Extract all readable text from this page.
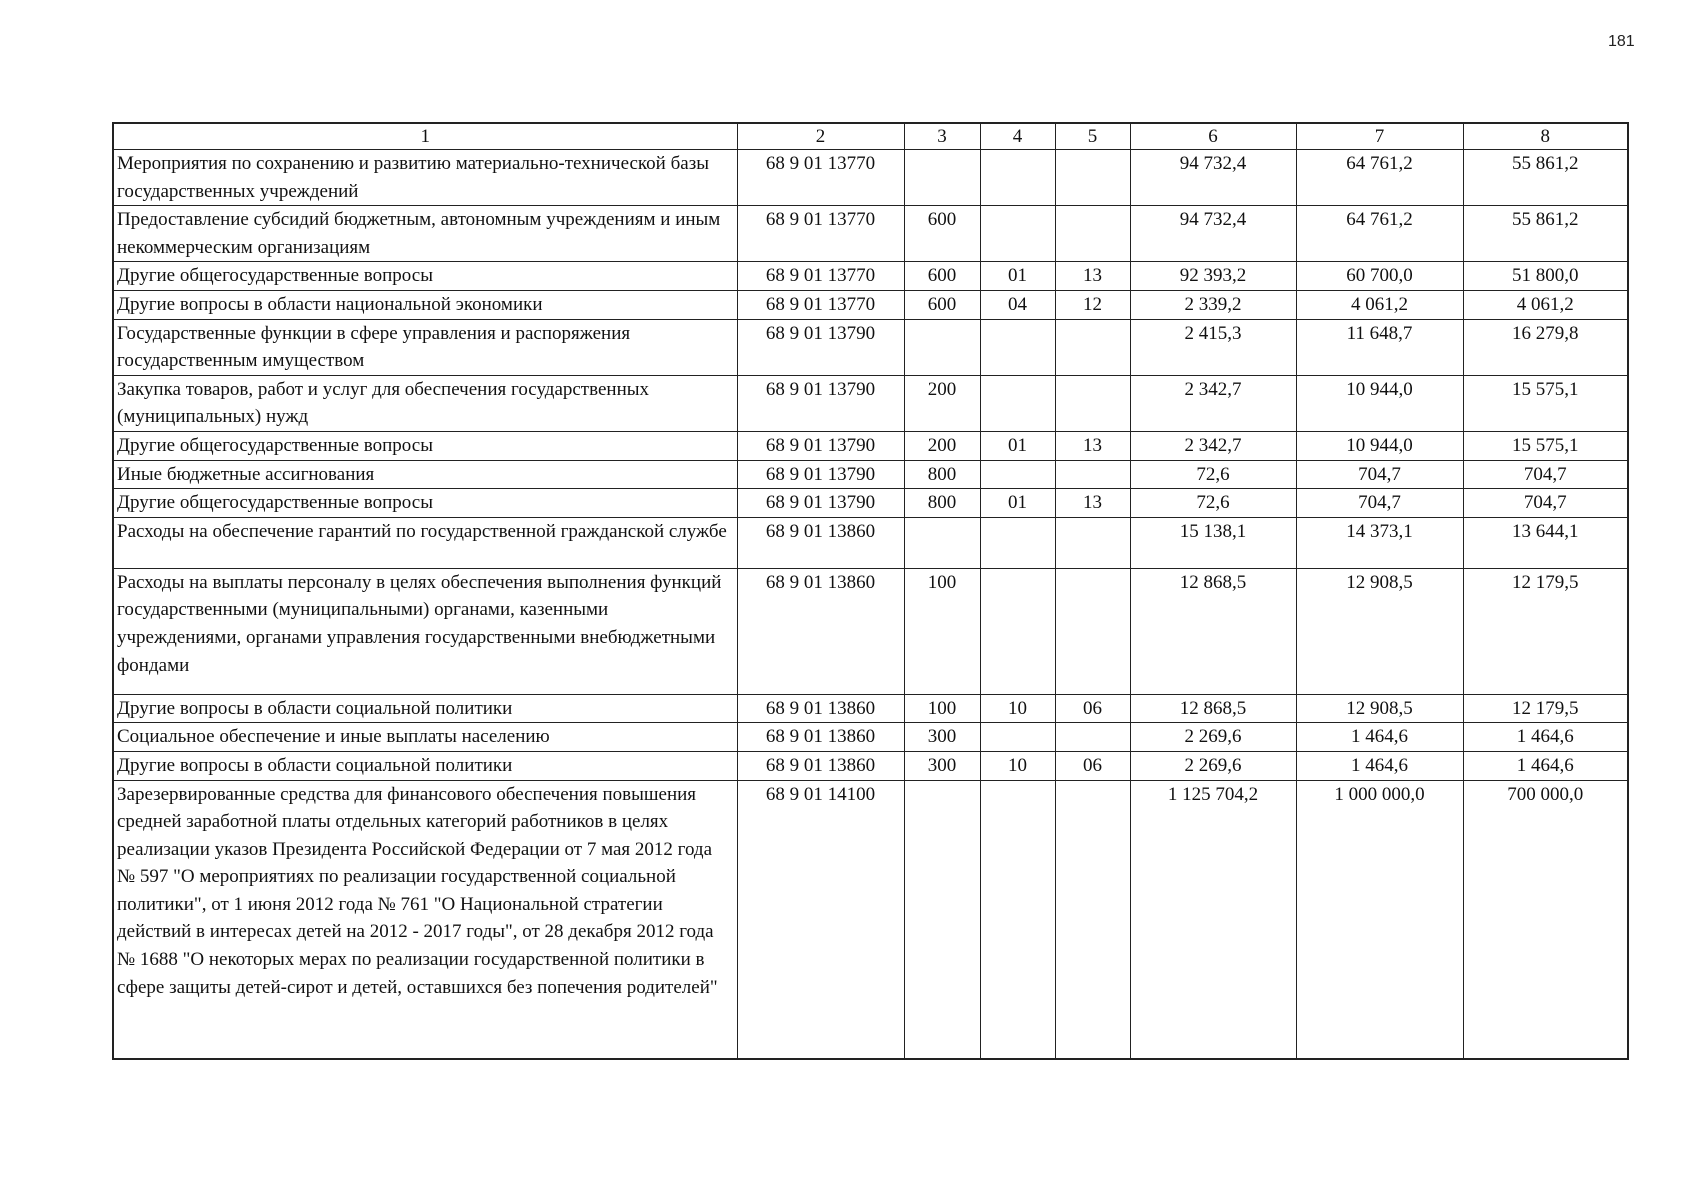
181
1	2	3	4	5	6	7	8
Мероприятия по сохранению и развитию материально-технической базы государственных учреждений	68 9 01 13770				94 732,4	64 761,2	55 861,2
Предоставление субсидий бюджетным, автономным учреждениям и иным некоммерческим организациям	68 9 01 13770	600			94 732,4	64 761,2	55 861,2
Другие общегосударственные вопросы	68 9 01 13770	600	01	13	92 393,2	60 700,0	51 800,0
Другие вопросы в области национальной экономики	68 9 01 13770	600	04	12	2 339,2	4 061,2	4 061,2
Государственные функции в сфере управления и распоряжения государственным имуществом	68 9 01 13790				2 415,3	11 648,7	16 279,8
Закупка товаров, работ и услуг для обеспечения государственных (муниципальных) нужд	68 9 01 13790	200			2 342,7	10 944,0	15 575,1
Другие общегосударственные вопросы	68 9 01 13790	200	01	13	2 342,7	10 944,0	15 575,1
Иные бюджетные ассигнования	68 9 01 13790	800			72,6	704,7	704,7
Другие общегосударственные вопросы	68 9 01 13790	800	01	13	72,6	704,7	704,7
Расходы на обеспечение гарантий по государственной гражданской службе	68 9 01 13860				15 138,1	14 373,1	13 644,1
Расходы на выплаты персоналу в целях обеспечения выполнения функций государственными (муниципальными) органами, казенными учреждениями, органами управления государственными внебюджетными фондами	68 9 01 13860	100			12 868,5	12 908,5	12 179,5
Другие вопросы в области социальной политики	68 9 01 13860	100	10	06	12 868,5	12 908,5	12 179,5
Социальное обеспечение и иные выплаты населению	68 9 01 13860	300			2 269,6	1 464,6	1 464,6
Другие вопросы в области социальной политики	68 9 01 13860	300	10	06	2 269,6	1 464,6	1 464,6
Зарезервированные средства для финансового обеспечения повышения средней заработной платы отдельных категорий работников в целях реализации указов Президента Российской Федерации от 7 мая 2012 года № 597 "О мероприятиях по реализации государственной социальной политики", от 1 июня 2012 года № 761 "О Национальной стратегии действий в интересах детей на 2012 - 2017 годы", от 28 декабря 2012 года № 1688 "О некоторых мерах по реализации государственной политики в сфере защиты детей-сирот и детей, оставшихся без попечения родителей"	68 9 01 14100				1 125 704,2	1 000 000,0	700 000,0
